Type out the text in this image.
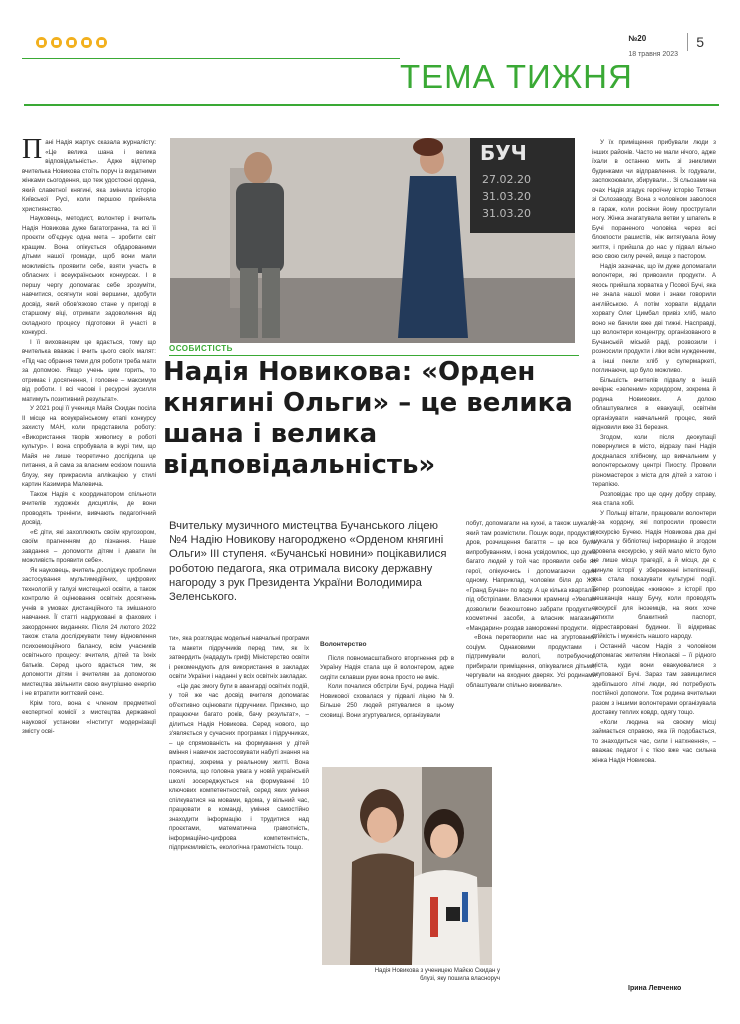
№20
18 травня 2023
5
ТЕМА ТИЖНЯ

Пані Надія жартує сказала журналісту: «Це велика шана і велика відповідальність». Адже відтепер вчителька Новикова стоїть поруч із видатними жінками сьогодення, що теж удостоєні ордена, який славетної княгині, яка змінила історію Київської Русі, коли першою прийняла християнство.

Науковець, методист, волонтер і вчитель Надія Новикова дуже багатогранна, та всі її проєкти об'єднує одна мета – зробити світ кращим. Вона опікується обдарованими дітьми нашої громади, щоб вони мали можливість проявити себе, взяти участь в обласних і всеукраїнських конкурсах. І в першу чергу допомагає себе зрозуміти, навчитися, осягнути нові вершини, здобути досвід, який обов'язково стане у пригоді в старшому віці, отримати задоволення від складного процесу підготовки й участі в конкурсі.

І її вихованцям це вдається, тому що вчителька вважає і вчить цього своїх малят: «Під час обрання теми для роботи треба мати за допомою. Якщо учень цим горить, то отримає і досягнення, і головне – максимум від роботи. І всі часові і ресурсні зусилля матимуть позитивний результат».

У 2021 році її учениця Майя Скидан посіла ІІ місце на всеукраїнському етапі конкурсу захисту МАН, коли представила роботу: «Використання творів живопису в роботі культур». І вона спробувала в журі тим, що Майя не лише теоретично дослідила це питання, а й сама за власним ескізом пошила блузу, яку прикрасила аплікацією у стилі картин Казимира Малевича.

Також Надія є координатором спільноти вчителів художніх дисциплін, де вони проводять тренінги, вивчають педагогічний досвід.

«Є діти, які захоплюють своїм кругозором, своїм прагненням до пізнання. Наше завдання – допомогти дітям і давати їм можливість проявити себе».

Як науковець, вчитель досліджує проблеми застосування мультимедійних, цифрових технологій у галузі мистецької освіти, а також контролю й оцінювання освітніх досягнень учнів в умовах дистанційного та змішаного навчання. Її статті надруковані в фахових і закордонних виданнях. Після 24 лютого 2022 також стала досліджувати тему відновлення психоемоційного балансу, всім учасників освітнього процесу: вчителя, дітей та їхніх батьків. Серед цього вдається тим, як допомогти дітям і вчителям за допомогою мистецтва звільнити свою внутрішню енергію і не втратити життєвий сенс.

Крім того, вона є членом предметної експертної комісії з мистецтва державної наукової установи «Інститут модернізації змісту осві-

БУЧ
27.02.20
31.03.20
31.03.20
ОСОБИСТІСТЬ
Надія Новикова: «Орден княгині Ольги» – це велика шана і велика відповідальність»
Вчительку музичного мистецтва Бучанського ліцею №4 Надію Новикову нагороджено «Орденом княгині Ольги» III ступеня. «Бучанські новини» поцікавилися роботою педагога, яка отримала високу державну нагороду з рук Президента України Володимира Зеленського.

ти», яка розглядає модельні навчальні програми та макети підручників перед тим, як їх затвердить (нададуть гриф) Міністерство освіти і рекомендують для використання в закладах освіти України і наданні у всіх освітніх закладах.

«Це дає змогу бути в авангарді освітніх подій, у той же час досвід вчителя допомагає об'єктивно оцінювати підручники. Приємно, що працюючи багато років, бачу результат», – ділиться Надія Новикова. Серед нового, що з'являється у сучасних програмах і підручниках, – це спрямованість на формування у дітей вміння і навичок застосовувати набуті знання на практиці, зокрема у реальному житті. Вона пояснила, що головна увага у новій українській школі зосереджується на формуванні 10 ключових компетентностей, серед яких уміння спілкуватися на мовами, вдома, у вільний час, працювати в команді, уміння самостійно знаходити інформацію і трудитися над проєктами, математична грамотність, інформаційно-цифрова компетентність, підприємливість, екологічна грамотність тощо.

Волонтерство

Після повномасштабного вторгнення рф в Україну Надія стала ще й волонтером, адже сидіти склавши руки вона просто не вміє.

Коли почалися обстріли Бучі, родина Надії Новикової сховалася у підвалі ліцею №9. Більше 250 людей рятувалися в цьому сховищі. Вони згуртувалися, організували

побут, допомагали на кухні, а також шукали, який там розмістили. Пошук води, продуктів, дров, розчищення багаття – це все було випробуванням, і вона усвідомлює, що дуже багато людей у той час проявили себе як герої, опікуючись і допомагаючи один одному. Наприклад, чоловіки біля до ЖК «Гранд Бучан» по воду. А це кілька кварталів під обстрілами. Власники крамниці «Увела» дозволили безкоштовно забрати продукти і косметичні засоби, а власник магазину «Мандарин» роздав заморожені продукти.

«Вона перетворили нас на згуртований соціум. Однаковими продуктами і підтримували вологі, потребуючих, прибирали приміщення, опікувалися дітьми, чергували на входних дверях. Усі родинами облаштували спільно виживали».

У їх приміщення прибували люди з інших районів. Часто не мали нічого, адже їхали в останню мить зі зниклими будинками чи відправлення. Їх годували, заспокоювали, збирували... Зі сльозами на очах Надія згадує героїчну історію Тетяни зі Склозаводу. Вона з чоловіком заволося в гараж, коли росіяни йому простругали ногу. Жінка знагатувала ветви у шпагель в Бучі пораненого чоловіка через всі блокпости рашистів, ніж витягувала йому життя, і прийшла до нас у підвал вільно всю свою силу речей, вище з пастором.

Надія зазначає, що їм дуже допомагали волонтери, які привозили продукти. А якось прийшла хорватка у Псової Бучі, яка не знала нашої мови і знаки говорили англійською. А потім хорвати віддали хорвату Олег Цимбал привіз хліб, мало воно не бачили вже дві тижні. Насправді, що волонтери концентру, організованого в Бучанській міській раді, розвозили і розносили продукти і ліки всім нужденним, а інші пекли хліб у супермаркеті, поглинаючи, що було можливо.

Більшість вчителів підвалу в іншій вечірнє «зеленим» коридором, зокрема й родина Новикових. А долою облаштувалися в евакуації, освітнім організувати навчальний процес, який відновили вже 31 березня.

Згодом, коли після деокупації повернулися в місто, відразу пані Надія доєдналася хлібному, що вивчальним у волонтерському центрі Пиосту. Провели різномастерок з міста для дітей з хатою і терапією.

Розповідає про ще одну добру справу, яка стала хобі.

У Польщі вітали, працювали волонтери із-за кордону, які попросили провести екскурсію Бучею. Надія Новикова два дні шукала у бібліотеці інформацію й згодом провела екскурсію, у якій мало місто було не лише місця трагедії, а й місця, де є минуле історії у збереженні інтелігенції, яка стала показувати культурні події. Тепер розповідає «живою» з історії про мешканців нашу Бучу, коли проводять екскурсії для іноземців, на яких хоче затихти блакитний паспорт, відреставровані будинки. Її відкриває стійкість і мужність нашого народу.

Останній часом Надія з чоловіком допомагає жителям Ніколаєві – її рідного міста, куди вони евакуювалися з окупованої Бучі. Зараз там завищилися здебільшого літні люди, які потребують постійної допомоги. Тож родина вчительки разом з іншими волонтерами організувала доставку теплих ковдр, одягу тощо.

«Коли людина на своєму місці займається справою, яка їй подобається, то знаходиться час, сили і натхнення», – вважає педагог і є тією вже час сильна жінка Надія Новикова.

Надія Новикова з ученицею Майєю Скидан у блузі, яку пошила власноруч
Ірина Левченко
